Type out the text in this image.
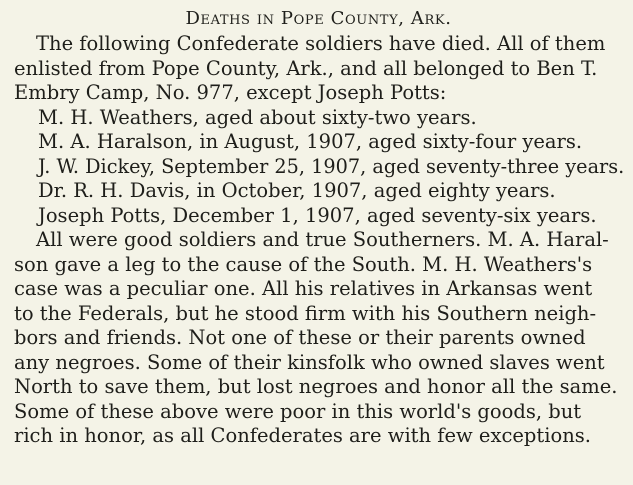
Deaths in Pope County, Ark.
The following Confederate soldiers have died. All of them
enlisted from Pope County, Ark., and all belonged to Ben T.
Embry Camp, No. 977, except Joseph Potts:
M. H. Weathers, aged about sixty-two years.
M. A. Haralson, in August, 1907, aged sixty-four years.
J. W. Dickey, September 25, 1907, aged seventy-three years.
Dr. R. H. Davis, in October, 1907, aged eighty years.
Joseph Potts, December 1, 1907, aged seventy-six years.
All were good soldiers and true Southerners. M. A. Haral-
son gave a leg to the cause of the South. M. H. Weathers's
case was a peculiar one. All his relatives in Arkansas went
to the Federals, but he stood firm with his Southern neigh-
bors and friends. Not one of these or their parents owned
any negroes. Some of their kinsfolk who owned slaves went
North to save them, but lost negroes and honor all the same.
Some of these above were poor in this world's goods, but
rich in honor, as all Confederates are with few exceptions.
